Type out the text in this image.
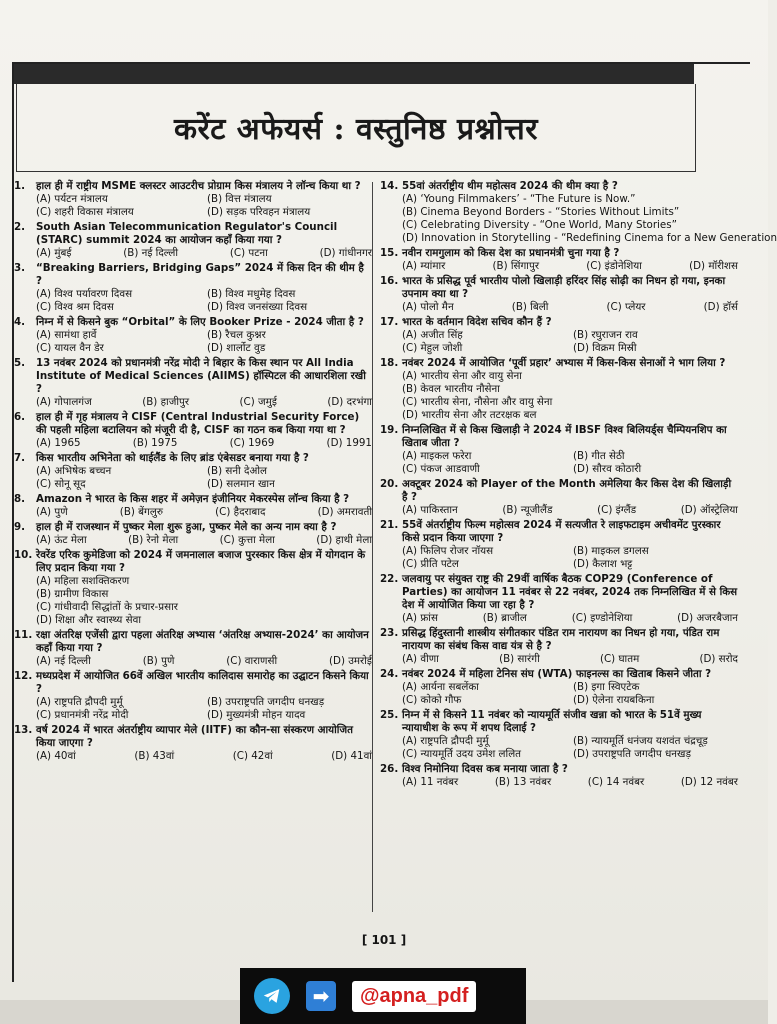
करेंट अफेयर्स : वस्तुनिष्ठ प्रश्नोत्तर
1.	हाल ही में राष्ट्रीय MSME क्लस्टर आउटरीच प्रोग्राम किस मंत्रालय ने लॉन्च किया था ?
(A) पर्यटन मंत्रालय	(B) वित्त मंत्रालय
(C) शहरी विकास मंत्रालय	(D) सड़क परिवहन मंत्रालय
2.	South Asian Telecommunication Regulator's Council (STARC) summit 2024 का आयोजन कहाँ किया गया ?
(A) मुंबई	(B) नई दिल्ली	(C) पटना	(D) गांधीनगर
3.	“Breaking Barriers, Bridging Gaps” 2024 में किस दिन की थीम है ?
(A) विश्व पर्यावरण दिवस	(B) विश्व मधुमेह दिवस
(C) विश्व श्रम दिवस	(D) विश्व जनसंख्या दिवस
4.	निम्न में से किसने बुक “Orbital” के लिए Booker Prize - 2024 जीता है ?
(A) सामंथा हार्वे	(B) रैचल कुश्नर
(C) यायल वैन डेर	(D) शार्लोट वुड
5.	13 नवंबर 2024 को प्रधानमंत्री नरेंद्र मोदी ने बिहार के किस स्थान पर All India Institute of Medical Sciences (AIIMS) हॉस्पिटल की आधारशिला रखी ?
(A) गोपालगंज	(B) हाजीपुर	(C) जमुई	(D) दरभंगा
6.	हाल ही में गृह मंत्रालय ने CISF (Central Industrial Security Force) की पहली महिला बटालियन को मंजूरी दी है, CISF का गठन कब किया गया था ?
(A) 1965	(B) 1975	(C) 1969	(D) 1991
7.	किस भारतीय अभिनेता को थाईलैंड के लिए ब्रांड एंबेसडर बनाया गया है ?
(A) अभिषेक बच्चन	(B) सनी देओल
(C) सोनू सूद	(D) सलमान खान
8.	Amazon ने भारत के किस शहर में अमेज़न इंजीनियर मेकरस्पेस लॉन्च किया है ?
(A) पुणे	(B) बेंगलुरु	(C) हैदराबाद	(D) अमरावती
9.	हाल ही में राजस्थान में पुष्कर मेला शुरू हुआ, पुष्कर मेले का अन्य नाम क्या है ?
(A) ऊंट मेला	(B) रेनो मेला	(C) कुत्ता मेला	(D) हाथी मेला
10. रेवरेंड एरिक कुमेडिजा को 2024 में जमनालाल बजाज पुरस्कार किस क्षेत्र में योगदान के लिए प्रदान किया गया ?
(A) महिला सशक्तिकरण
(B) ग्रामीण विकास
(C) गांधीवादी सिद्धांतों के प्रचार-प्रसार
(D) शिक्षा और स्वास्थ्य सेवा
11. रक्षा अंतरिक्ष एजेंसी द्वारा पहला अंतरिक्ष अभ्यास ‘अंतरिक्ष अभ्यास-2024’ का आयोजन कहाँ किया गया ?
(A) नई दिल्ली	(B) पुणे	(C) वाराणसी	(D) उमरोई
12. मध्यप्रदेश में आयोजित 66वें अखिल भारतीय कालिदास समारोह का उद्घाटन किसने किया ?
(A) राष्ट्रपति द्रौपदी मुर्मू	(B) उपराष्ट्रपति जगदीप धनखड़
(C) प्रधानमंत्री नरेंद्र मोदी	(D) मुख्यमंत्री मोहन यादव
13. वर्ष 2024 में भारत अंतर्राष्ट्रीय व्यापार मेले (IITF) का कौन-सा संस्करण आयोजित किया जाएगा ?
(A) 40वां	(B) 43वां	(C) 42वां	(D) 41वां
14. 55वां अंतर्राष्ट्रीय थीम महोत्सव 2024 की थीम क्या है ?
(A) ‘Young Filmmakers’ - “The Future is Now.”
(B) Cinema Beyond Borders - “Stories Without Limits”
(C) Celebrating Diversity - “One World, Many Stories”
(D) Innovation in Storytelling - “Redefining Cinema for a New Generation
15. नवीन रामगुलाम को किस देश का प्रधानमंत्री चुना गया है ?
(A) म्यांमार	(B) सिंगापुर	(C) इंडोनेशिया	(D) मॉरीशस
16. भारत के प्रसिद्ध पूर्व भारतीय पोलो खिलाड़ी हरिंदर सिंह सोढ़ी का निधन हो गया, इनका उपनाम क्या था ?
(A) पोलो मैन	(B) बिली	(C) प्लेयर	(D) हॉर्स
17. भारत के वर्तमान विदेश सचिव कौन हैं ?
(A) अजीत सिंह	(B) रघुराजन राव
(C) मेहुल जोशी	(D) विक्रम मिस्री
18. नवंबर 2024 में आयोजित ‘पूर्वी प्रहार’ अभ्यास में किस-किस सेनाओं ने भाग लिया ?
(A) भारतीय सेना और वायु सेना
(B) केवल भारतीय नौसेना
(C) भारतीय सेना, नौसेना और वायु सेना
(D) भारतीय सेना और तटरक्षक बल
19. निम्नलिखित में से किस खिलाड़ी ने 2024 में IBSF विश्व बिलियर्ड्स चैम्पियनशिप का खिताब जीता ?
(A) माइकल फरेरा	(B) गीत सेठी
(C) पंकज आडवाणी	(D) सौरव कोठारी
20. अक्टूबर 2024 को Player of the Month अमेलिया कैर किस देश की खिलाड़ी है ?
(A) पाकिस्तान	(B) न्यूजीलैंड	(C) इंग्लैंड	(D) ऑस्ट्रेलिया
21. 55वें अंतर्राष्ट्रीय फिल्म महोत्सव 2024 में सत्यजीत रे लाइफटाइम अचीवमेंट पुरस्कार किसे प्रदान किया जाएगा ?
(A) फिलिप रोजर नॉयस	(B) माइकल डगलस
(C) प्रीति पटेल	(D) कैलाश भट्ट
22. जलवायु पर संयुक्त राष्ट्र की 29वीं वार्षिक बैठक COP29 (Conference of Parties) का आयोजन 11 नवंबर से 22 नवंबर, 2024 तक निम्नलिखित में से किस देश में आयोजित किया जा रहा है ?
(A) फ्रांस	(B) ब्राजील	(C) इण्डोनेशिया	(D) अजरबैजान
23. प्रसिद्ध हिंदुस्तानी शास्त्रीय संगीतकार पंडित राम नारायण का निधन हो गया, पंडित राम नारायण का संबंध किस वाद्य यंत्र से है ?
(A) वीणा	(B) सारंगी	(C) घातम	(D) सरोद
24. नवंबर 2024 में महिला टेनिस संघ (WTA) फाइनल्स का खिताब किसने जीता ?
(A) आर्यना सबलेंका	(B) इगा स्विएटेक
(C) कोको गौफ	(D) ऐलेना रायबकिना
25. निम्न में से किसने 11 नवंबर को न्यायमूर्ति संजीव खन्ना को भारत के 51वें मुख्य न्यायाधीश के रूप में शपथ दिलाई ?
(A) राष्ट्रपति द्रौपदी मुर्मू	(B) न्यायमूर्ति धनंजय यशवंत चंद्रचूड़
(C) न्यायमूर्ति उदय उमेश ललित	(D) उपराष्ट्रपति जगदीप धनखड़
26. विश्व निमोनिया दिवस कब मनाया जाता है ?
(A) 11 नवंबर	(B) 13 नवंबर	(C) 14 नवंबर	(D) 12 नवंबर
[ 101 ]
➡	@apna_pdf
